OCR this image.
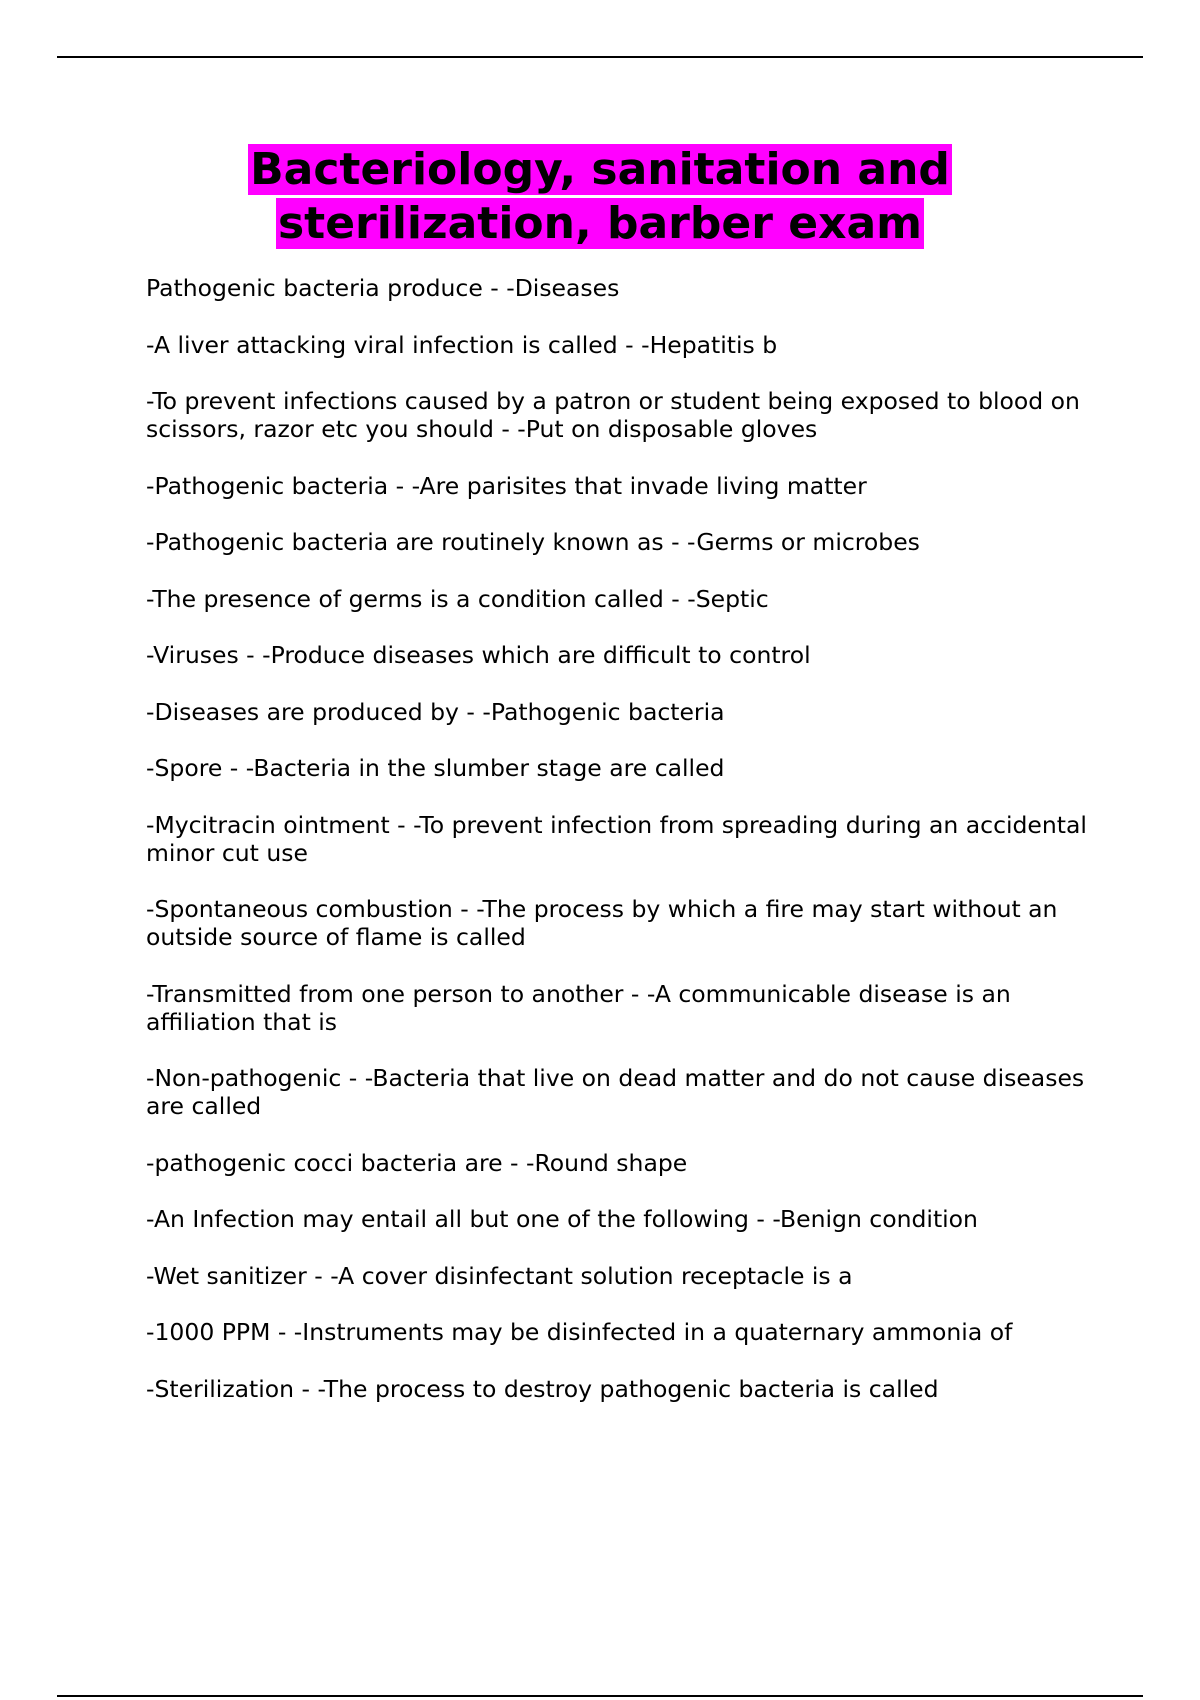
Bacteriology, sanitation and
sterilization, barber exam
Pathogenic bacteria produce - -Diseases
-A liver attacking viral infection is called - -Hepatitis b
-To prevent infections caused by a patron or student being exposed to blood on scissors, razor etc you should - -Put on disposable gloves
-Pathogenic bacteria - -Are parisites that invade living matter
-Pathogenic bacteria are routinely known as - -Germs or microbes
-The presence of germs is a condition called - -Septic
-Viruses - -Produce diseases which are difficult to control
-Diseases are produced by - -Pathogenic bacteria
-Spore - -Bacteria in the slumber stage are called
-Mycitracin ointment - -To prevent infection from spreading during an accidental minor cut use
-Spontaneous combustion - -The process by which a fire may start without an outside source of flame is called
-Transmitted from one person to another - -A communicable disease is an affiliation that is
-Non-pathogenic - -Bacteria that live on dead matter and do not cause diseases are called
-pathogenic cocci bacteria are - -Round shape
-An Infection may entail all but one of the following - -Benign condition
-Wet sanitizer - -A cover disinfectant solution receptacle is a
-1000 PPM - -Instruments may be disinfected in a quaternary ammonia of
-Sterilization - -The process to destroy pathogenic bacteria is called
